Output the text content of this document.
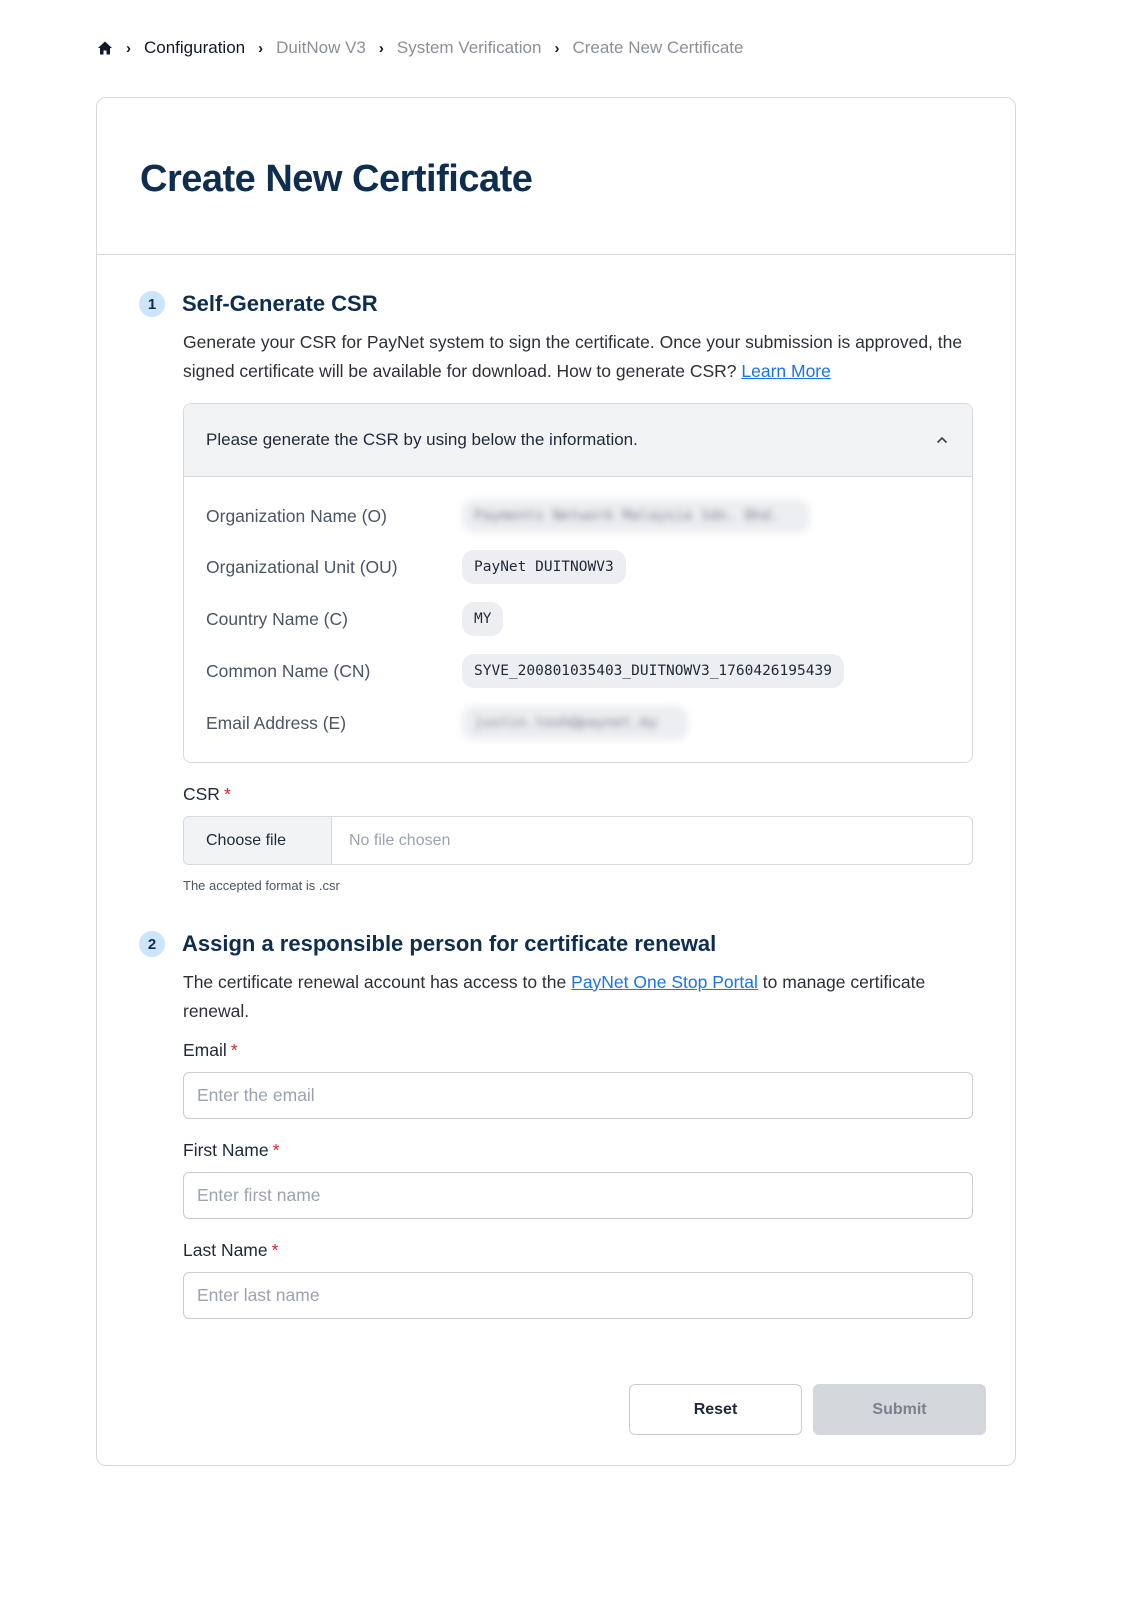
› Configuration › DuitNow V3 › System Verification › Create New Certificate
Create New Certificate
1	Self-Generate CSR

Generate your CSR for PayNet system to sign the certificate. Once your submission is approved, the signed certificate will be available for download. How to generate CSR? Learn More

Please generate the CSR by using below the information.
Organization Name (O)	Payments Network Malaysia Sdn. Bhd.
Organizational Unit (OU)	PayNet DUITNOWV3
Country Name (C)	MY
Common Name (CN)	SYVE_200801035403_DUITNOWV3_1760426195439
Email Address (E)	justin.teoh@paynet.my
CSR *
Choose file	No file chosen
The accepted format is .csr
2	Assign a responsible person for certificate renewal

The certificate renewal account has access to the PayNet One Stop Portal to manage certificate renewal.

Email *
Enter the email
First Name *
Enter first name
Last Name *
Enter last name
Reset	Submit
